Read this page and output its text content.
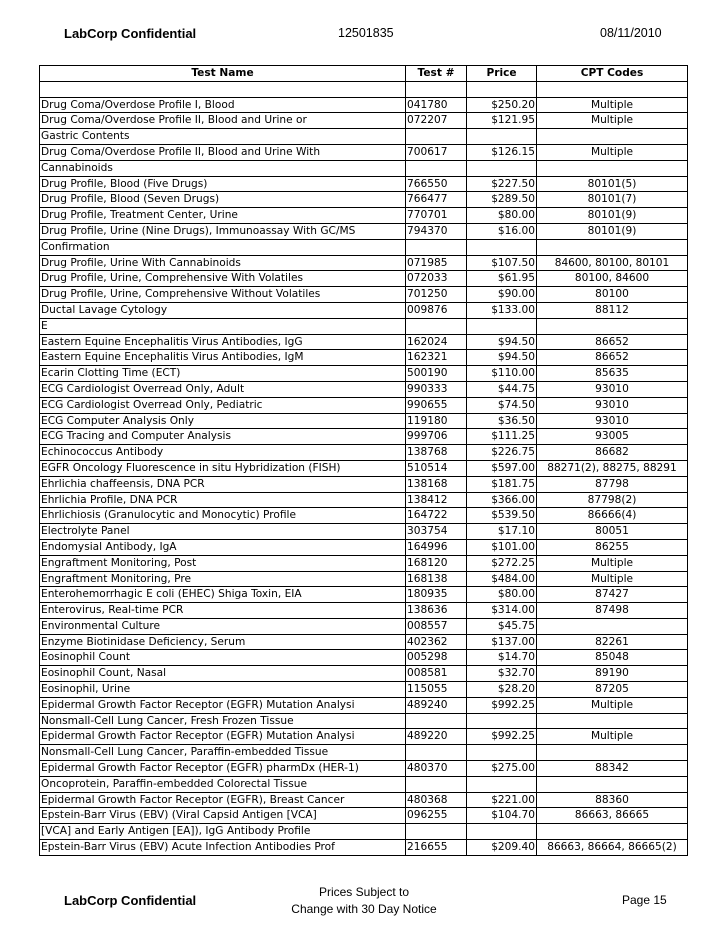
LabCorp Confidential	12501835	08/11/2010
Test Name	Test #	Price	CPT Codes

Drug Coma/Overdose Profile I, Blood	041780	$250.20	Multiple
Drug Coma/Overdose Profile II, Blood and Urine or	072207	$121.95	Multiple
Gastric Contents			
Drug Coma/Overdose Profile II, Blood and Urine With	700617	$126.15	Multiple
Cannabinoids			
Drug Profile, Blood (Five Drugs)	766550	$227.50	80101(5)
Drug Profile, Blood (Seven Drugs)	766477	$289.50	80101(7)
Drug Profile, Treatment Center, Urine	770701	$80.00	80101(9)
Drug Profile, Urine (Nine Drugs), Immunoassay With GC/MS	794370	$16.00	80101(9)
Confirmation			
Drug Profile, Urine With Cannabinoids	071985	$107.50	84600, 80100, 80101
Drug Profile, Urine, Comprehensive With Volatiles	072033	$61.95	80100, 84600
Drug Profile, Urine, Comprehensive Without Volatiles	701250	$90.00	80100
Ductal Lavage Cytology	009876	$133.00	88112
E			
Eastern Equine Encephalitis Virus Antibodies, IgG	162024	$94.50	86652
Eastern Equine Encephalitis Virus Antibodies, IgM	162321	$94.50	86652
Ecarin Clotting Time (ECT)	500190	$110.00	85635
ECG Cardiologist Overread Only, Adult	990333	$44.75	93010
ECG Cardiologist Overread Only, Pediatric	990655	$74.50	93010
ECG Computer Analysis Only	119180	$36.50	93010
ECG Tracing and Computer Analysis	999706	$111.25	93005
Echinococcus Antibody	138768	$226.75	86682
EGFR Oncology Fluorescence in situ Hybridization (FISH)	510514	$597.00	88271(2), 88275, 88291
Ehrlichia chaffeensis, DNA PCR	138168	$181.75	87798
Ehrlichia Profile, DNA PCR	138412	$366.00	87798(2)
Ehrlichiosis (Granulocytic and Monocytic) Profile	164722	$539.50	86666(4)
Electrolyte Panel	303754	$17.10	80051
Endomysial Antibody, IgA	164996	$101.00	86255
Engraftment Monitoring, Post	168120	$272.25	Multiple
Engraftment Monitoring, Pre	168138	$484.00	Multiple
Enterohemorrhagic E coli (EHEC) Shiga Toxin, EIA	180935	$80.00	87427
Enterovirus, Real-time PCR	138636	$314.00	87498
Environmental Culture	008557	$45.75	
Enzyme Biotinidase Deficiency, Serum	402362	$137.00	82261
Eosinophil Count	005298	$14.70	85048
Eosinophil Count, Nasal	008581	$32.70	89190
Eosinophil, Urine	115055	$28.20	87205
Epidermal Growth Factor Receptor (EGFR) Mutation Analysi	489240	$992.25	Multiple
Nonsmall-Cell Lung Cancer, Fresh Frozen Tissue			
Epidermal Growth Factor Receptor (EGFR) Mutation Analysi	489220	$992.25	Multiple
Nonsmall-Cell Lung Cancer, Paraffin-embedded Tissue			
Epidermal Growth Factor Receptor (EGFR) pharmDx (HER-1)	480370	$275.00	88342
Oncoprotein, Paraffin-embedded Colorectal Tissue			
Epidermal Growth Factor Receptor (EGFR), Breast Cancer	480368	$221.00	88360
Epstein-Barr Virus (EBV) (Viral Capsid Antigen [VCA]	096255	$104.70	86663, 86665
[VCA] and Early Antigen [EA]), IgG Antibody Profile			
Epstein-Barr Virus (EBV) Acute Infection Antibodies Prof	216655	$209.40	86663, 86664, 86665(2)
LabCorp Confidential
Prices Subject to
Change with 30 Day Notice
Page 15
